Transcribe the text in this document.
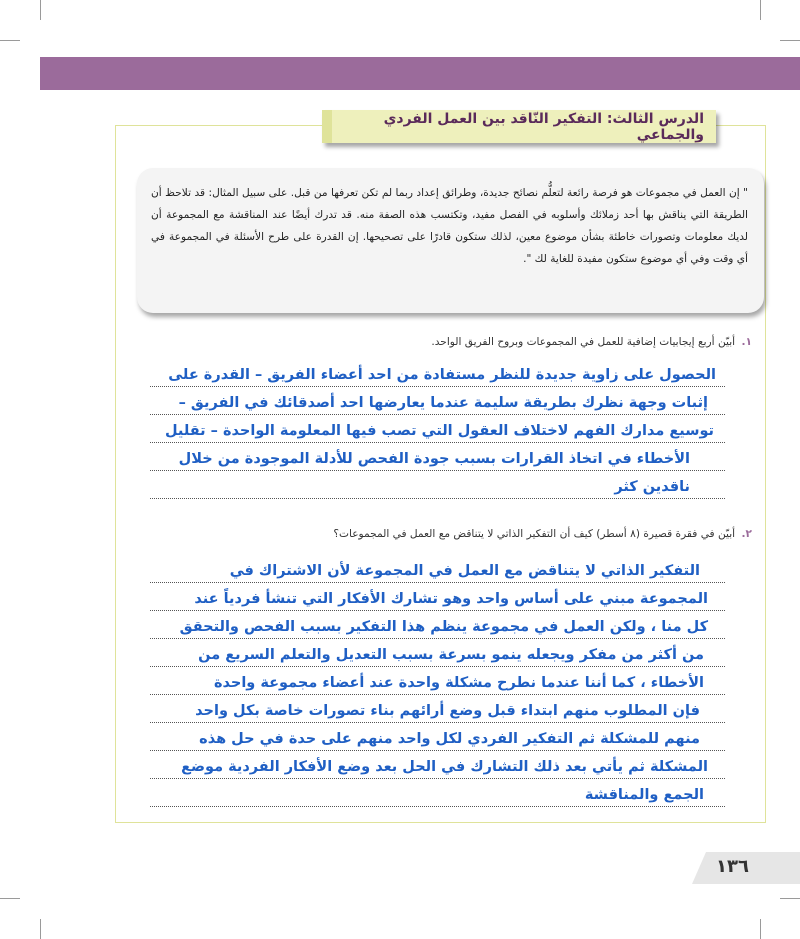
الدرس الثالث: التفكير النّاقد بين العمل الفردي والجماعي
" إن العمل في مجموعات هو فرصة رائعة لتعلُّم نصائح جديدة، وطرائق إعداد ربما لم تكن تعرفها من قبل. على سبيل المثال: قد تلاحظ أن الطريقة التي يناقش بها أحد زملائك وأسلوبه في الفصل مفيد، وتكتسب هذه الصفة منه. قد تدرك أيضًا عند المناقشة مع المجموعة أن لديك معلومات وتصورات خاطئة بشأن موضوع معين، لذلك ستكون قادرًا على تصحيحها. إن القدرة على طرح الأسئلة في المجموعة في أي وقت وفي أي موضوع ستكون مفيدة للغاية لك ".
١. أبيّن أربع إيجابيات إضافية للعمل في المجموعات وبروح الفريق الواحد.
الحصول على زاوية جديدة للنظر مستفادة من احد أعضاء الفريق – القدرة على
إثبات وجهة نظرك بطريقة سليمة عندما يعارضها احد أصدقائك في الفريق –
توسيع مدارك الفهم لاختلاف العقول التي تصب فيها المعلومة الواحدة – تقليل
الأخطاء في اتخاذ القرارات بسبب جودة الفحص للأدلة الموجودة من خلال
ناقدين كثر
٢. أبيّن في فقرة قصيرة (٨ أسطر) كيف أن التفكير الذاتي لا يتناقض مع العمل في المجموعات؟
التفكير الذاتي لا يتناقض مع العمل في المجموعة لأن الاشتراك في
المجموعة مبني على أساس واحد وهو تشارك الأفكار التي تنشأ فردياً عند
كل منا ، ولكن العمل في مجموعة ينظم هذا التفكير بسبب الفحص والتحقق
من أكثر من مفكر ويجعله ينمو بسرعة بسبب التعديل والتعلم السريع من
الأخطاء ، كما أننا عندما نطرح مشكلة واحدة عند أعضاء مجموعة واحدة
فإن المطلوب منهم ابتداء قبل وضع أرائهم بناء تصورات خاصة بكل واحد
منهم للمشكلة ثم التفكير الفردي لكل واحد منهم على حدة في حل هذه
المشكلة ثم يأتي بعد ذلك التشارك في الحل بعد وضع الأفكار الفردية موضع
الجمع والمناقشة
١٣٦
